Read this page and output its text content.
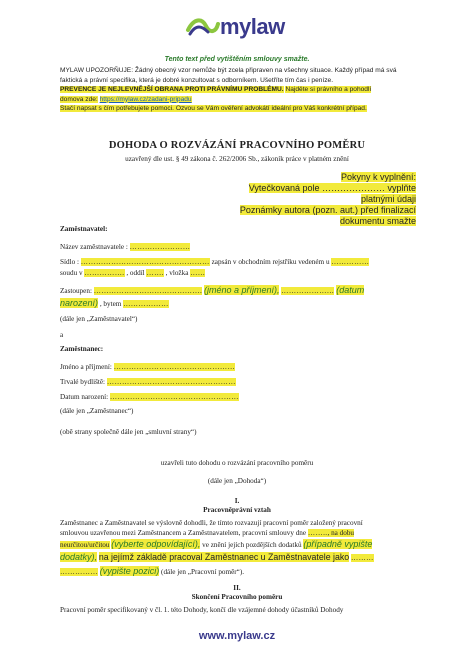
mylaw
Tento text před vytištěním smlouvy smažte.
MYLAW UPOZORŇUJE: Žádný obecný vzor nemůže být zcela připraven na všechny situace. Každý případ má svá
faktická a právní specifika, která je dobré konzultovat s odborníkem. Ušetříte tím čas i peníze.
PREVENCE JE NEJLEVNĚJŠÍ OBRANA PROTI PRÁVNÍMU PROBLÉMU. Najděte si právního a pohodlí
domova zde: https://mylaw.cz/zadani-pripadu
Stačí napsat s čím potřebujete pomoci. Ozvou se Vám ověření advokátí ideální pro Váš konkrétní případ.
DOHODA O ROZVÁZÁNÍ PRACOVNÍHO POMĚRU
uzavřený dle ust. § 49 zákona č. 262/2006 Sb., zákoník práce v platném znění
Pokyny k vyplnění:
Vytečkovaná pole ………………… vyplňte platnými údaji
Poznámky autora (pozn. aut.) před finalizací dokumentu smažte
Zaměstnavatel:
Název zaměstnavatele : ……………………
Sídlo : …………………………………………… zapsán v obchodním rejstříku vedeném u ……………
soudu v ……………. , oddíl ……. , vložka ……
Zastoupen: ……………………………………. (jméno a příjmení), ………………… (datum
narození) , bytem ………………
(dále jen „Zaměstnavatel“)
a
Zaměstnanec:
Jméno a příjmení: …………………………………………
Trvalé bydliště: ……………………………………………
Datum narození: ……………………………………………
(dále jen „Zaměstnanec“)
(obě strany společně dále jen „smluvní strany“)
uzavřeli tuto dohodu o rozvázání pracovního poměru
(dále jen „Dohoda“)
I.
Pracovněprávní vztah
Zaměstnanec a Zaměstnavatel se výslovně dohodli, že tímto rozvazují pracovní poměr založený pracovní
smlouvou uzavřenou mezi Zaměstnancem a Zaměstnavatelem, pracovní smlouvy dne …….., na dobu
neurčitou/určitou (vyberte odpovídající), ve znění jejích pozdějších dodatků (případně vypište
dodatky), na jejímž základě pracoval Zaměstnanec u Zaměstnavatele jako ………
…………… (vypište pozici) (dále jen „Pracovní poměr“).
II.
Skončení Pracovního poměru
Pracovní poměr specifikovaný v čl. 1. této Dohody, končí dle vzájemné dohody účastníků Dohody
www.mylaw.cz
